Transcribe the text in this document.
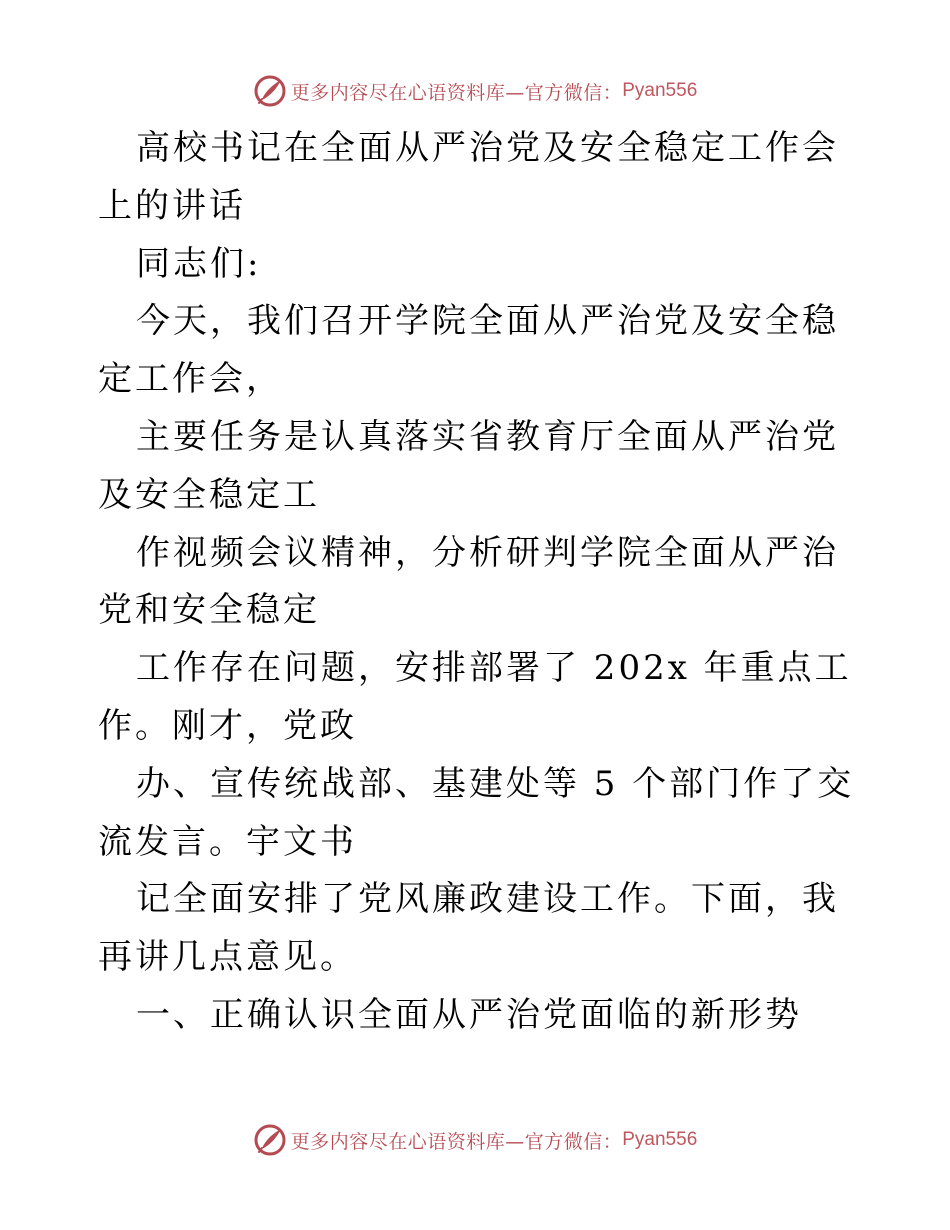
更多内容尽在心语资料库—官方微信： Pyan556

高校书记在全面从严治党及安全稳定工作会上的讲话

同志们:

今天，我们召开学院全面从严治党及安全稳定工作会，

主要任务是认真落实省教育厅全面从严治党及安全稳定工

作视频会议精神，分析研判学院全面从严治党和安全稳定

工作存在问题，安排部署了 202x 年重点工作。刚才，党政

办、宣传统战部、基建处等 5 个部门作了交流发言。宇文书

记全面安排了党风廉政建设工作。下面，我再讲几点意见。

一、正确认识全面从严治党面临的新形势

更多内容尽在心语资料库—官方微信： Pyan556
